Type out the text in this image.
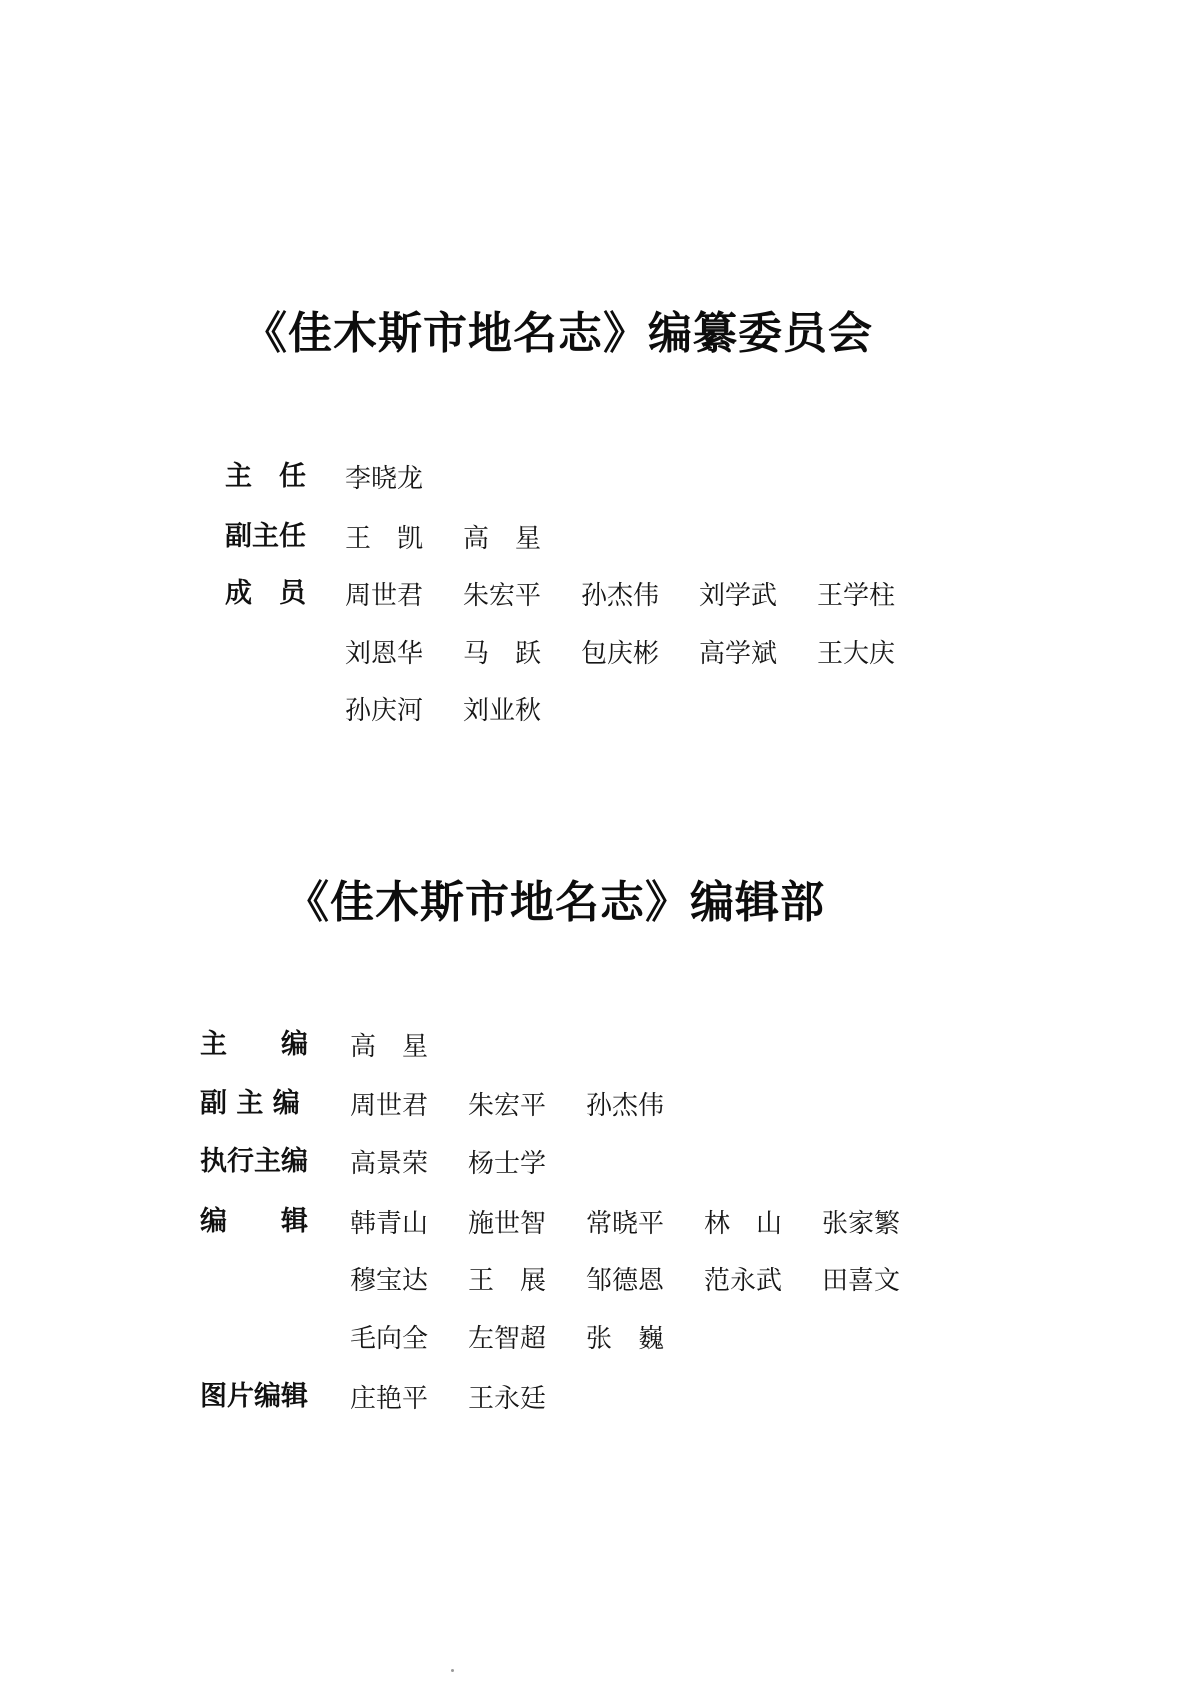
《佳木斯市地名志》编纂委员会
主　任 李晓龙
副主任 王　凯 高　星
成　员 周世君 朱宏平 孙杰伟 刘学武 王学柱
刘恩华 马　跃 包庆彬 高学斌 王大庆
孙庆河 刘业秋
《佳木斯市地名志》编辑部
主　　编 高　星
副 主 编 周世君 朱宏平 孙杰伟
执行主编 高景荣 杨士学
编　　辑 韩青山 施世智 常晓平 林　山 张家繁
穆宝达 王　展 邹德恩 范永武 田喜文
毛向全 左智超 张　巍
图片编辑 庄艳平 王永廷
